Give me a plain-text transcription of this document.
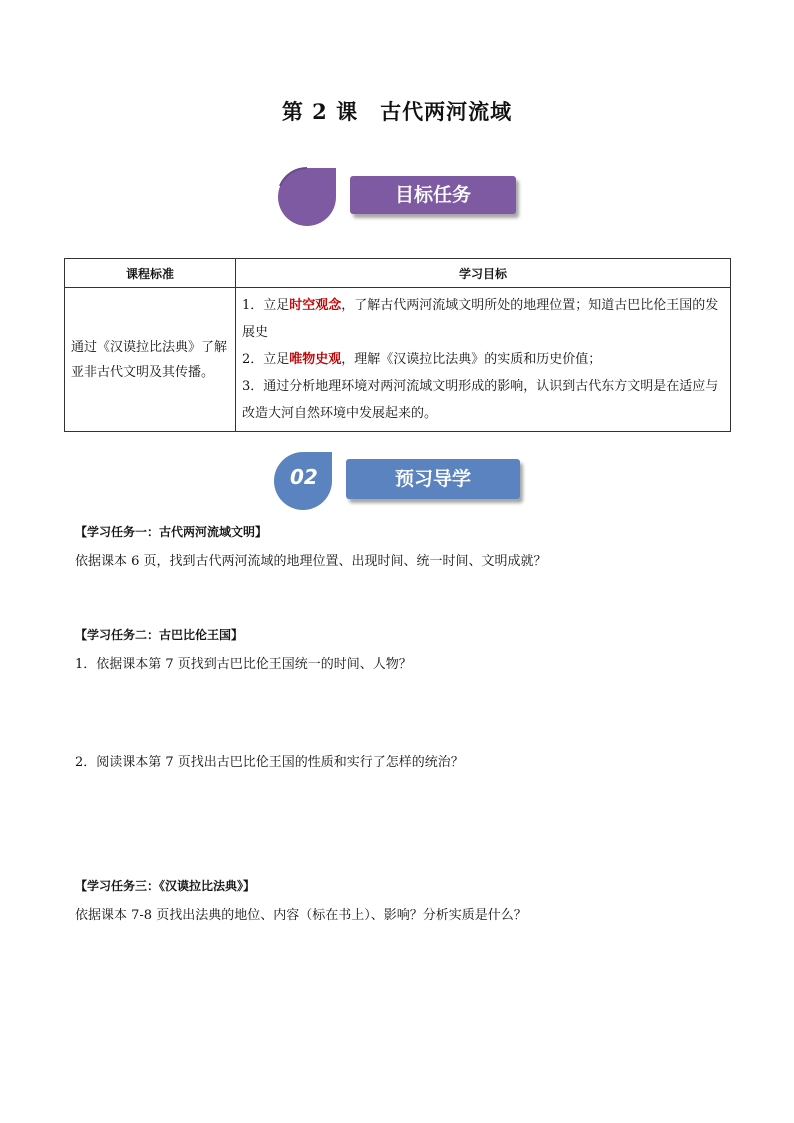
第 2 课　古代两河流域
目标任务
课程标准	学习目标
通过《汉谟拉比法典》了解亚非古代文明及其传播。	1．立足时空观念，了解古代两河流域文明所处的地理位置；知道古巴比伦王国的发展史
2．立足唯物史观，理解《汉谟拉比法典》的实质和历史价值；
3．通过分析地理环境对两河流域文明形成的影响，认识到古代东方文明是在适应与改造大河自然环境中发展起来的。
02	预习导学
【学习任务一：古代两河流域文明】
依据课本 6 页，找到古代两河流域的地理位置、出现时间、统一时间、文明成就？
【学习任务二：古巴比伦王国】
1．依据课本第 7 页找到古巴比伦王国统一的时间、人物？
2．阅读课本第 7 页找出古巴比伦王国的性质和实行了怎样的统治？
【学习任务三：《汉谟拉比法典》】
依据课本 7-8 页找出法典的地位、内容（标在书上）、影响？分析实质是什么？
